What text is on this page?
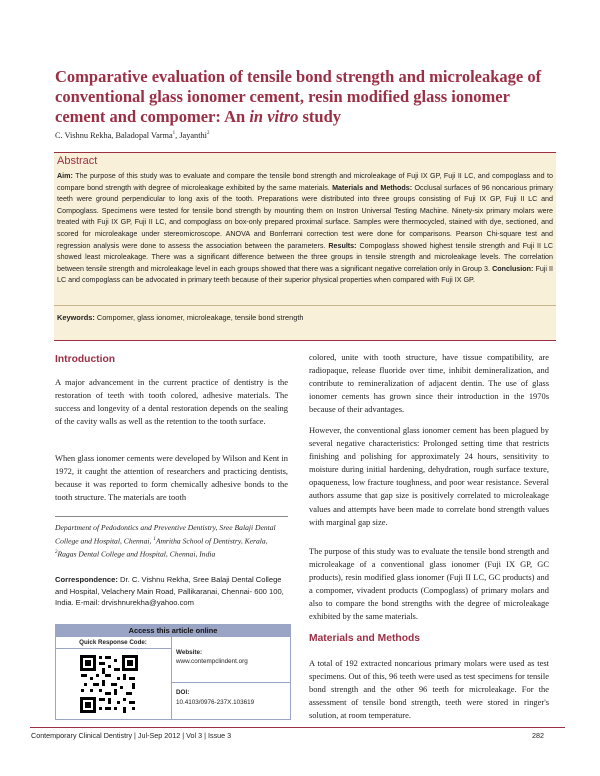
Comparative evaluation of tensile bond strength and microleakage of conventional glass ionomer cement, resin modified glass ionomer cement and compomer: An in vitro study
C. Vishnu Rekha, Baladopal Varma$^1$, Jayanthi$^2$
Abstract

Aim: The purpose of this study was to evaluate and compare the tensile bond strength and microleakage of Fuji IX GP, Fuji II LC, and compoglass and to compare bond strength with degree of microleakage exhibited by the same materials. Materials and Methods: Occlusal surfaces of 96 noncarious primary teeth were ground perpendicular to long axis of the tooth. Preparations were distributed into three groups consisting of Fuji IX GP, Fuji II LC and Compoglass. Specimens were tested for tensile bond strength by mounting them on Instron Universal Testing Machine. Ninety-six primary molars were treated with Fuji IX GP, Fuji II LC, and compoglass on box-only prepared proximal surface. Samples were thermocycled, stained with dye, sectioned, and scored for microleakage under stereomicroscope. ANOVA and Bonferrani correction test were done for comparisons. Pearson Chi-square test and regression analysis were done to assess the association between the parameters. Results: Compoglass showed highest tensile strength and Fuji II LC showed least microleakage. There was a significant difference between the three groups in tensile strength and microleakage levels. The correlation between tensile strength and microleakage level in each groups showed that there was a significant negative correlation only in Group 3. Conclusion: Fuji II LC and compoglass can be advocated in primary teeth because of their superior physical properties when compared with Fuji IX GP.

Keywords: Compomer, glass ionomer, microleakage, tensile bond strength

Introduction

A major advancement in the current practice of dentistry is the restoration of teeth with tooth colored, adhesive materials. The success and longevity of a dental restoration depends on the sealing of the cavity walls as well as the retention to the tooth surface.

When glass ionomer cements were developed by Wilson and Kent in 1972, it caught the attention of researchers and practicing dentists, because it was reported to form chemically adhesive bonds to the tooth structure. The materials are tooth

Department of Pedodontics and Preventive Dentistry, Sree Balaji Dental College and Hospital, Chennai, $^1$Amritha School of Dentistry, Kerala, $^2$Ragas Dental College and Hospital, Chennai, India

Correspondence: Dr. C. Vishnu Rekha, Sree Balaji Dental College and Hospital, Velachery Main Road, Pallikaranai, Chennai- 600 100, India. E-mail: drvishnurekha@yahoo.com

Access this article online
Quick Response Code:
Website:
www.contempclindent.org
DOI:
10.4103/0976-237X.103619

colored, unite with tooth structure, have tissue compatibility, are radiopaque, release fluoride over time, inhibit demineralization, and contribute to remineralization of adjacent dentin. The use of glass ionomer cements has grown since their introduction in the 1970s because of their advantages.

However, the conventional glass ionomer cement has been plagued by several negative characteristics: Prolonged setting time that restricts finishing and polishing for approximately 24 hours, sensitivity to moisture during initial hardening, dehydration, rough surface texture, opaqueness, low fracture toughness, and poor wear resistance. Several authors assume that gap size is positively correlated to microleakage values and attempts have been made to correlate bond strength values with marginal gap size.

The purpose of this study was to evaluate the tensile bond strength and microleakage of a conventional glass ionomer (Fuji IX GP, GC products), resin modified glass ionomer (Fuji II LC, GC products) and a compomer, vivadent products (Compoglass) of primary molars and also to compare the bond strengths with the degree of microleakage exhibited by the same materials.

Materials and Methods

A total of 192 extracted noncarious primary molars were used as test specimens. Out of this, 96 teeth were used as test specimens for tensile bond strength and the other 96 teeth for microleakage. For the assessment of tensile bond strength, teeth were stored in ringer's solution, at room temperature.

Contemporary Clinical Dentistry | Jul-Sep 2012 | Vol 3 | Issue 3	282
